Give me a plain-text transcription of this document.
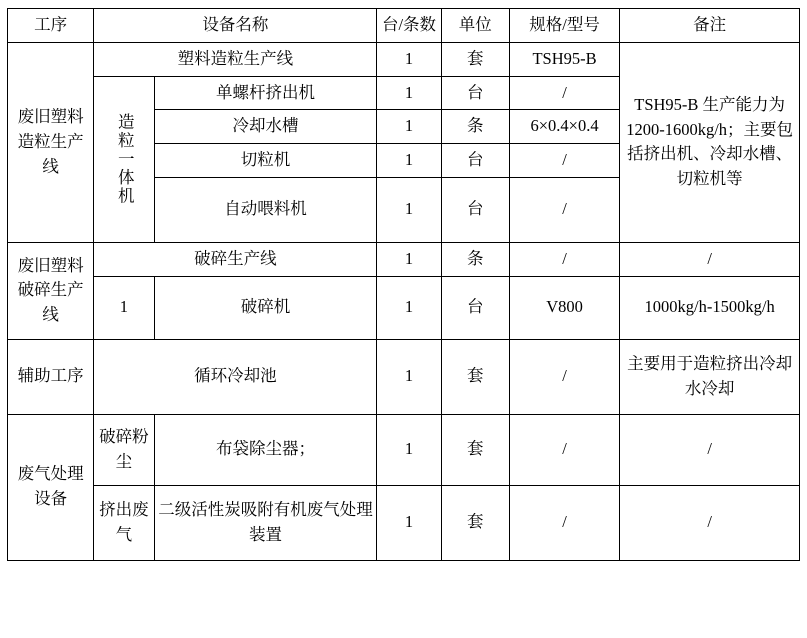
工序	设备名称		台/条数	单位	规格/型号	备注
废旧塑料造粒生产线	塑料造粒生产线		1	套	TSH95-B	TSH95-B 生产能力为1200-1600kg/h；主要包括挤出机、冷却水槽、切粒机等
	造粒一体机	单螺杆挤出机	1	台	/	
		冷却水槽	1	条	6×0.4×0.4	
		切粒机	1	台	/	
		自动喂料机	1	台	/	
废旧塑料破碎生产线	破碎生产线		1	条	/	/
	1	破碎机	1	台	V800	1000kg/h-1500kg/h
辅助工序	循环冷却池		1	套	/	主要用于造粒挤出冷却水冷却
废气处理设备	破碎粉尘	布袋除尘器；	1	套	/	/
	挤出废气	二级活性炭吸附有机废气处理装置	1	套	/	/
